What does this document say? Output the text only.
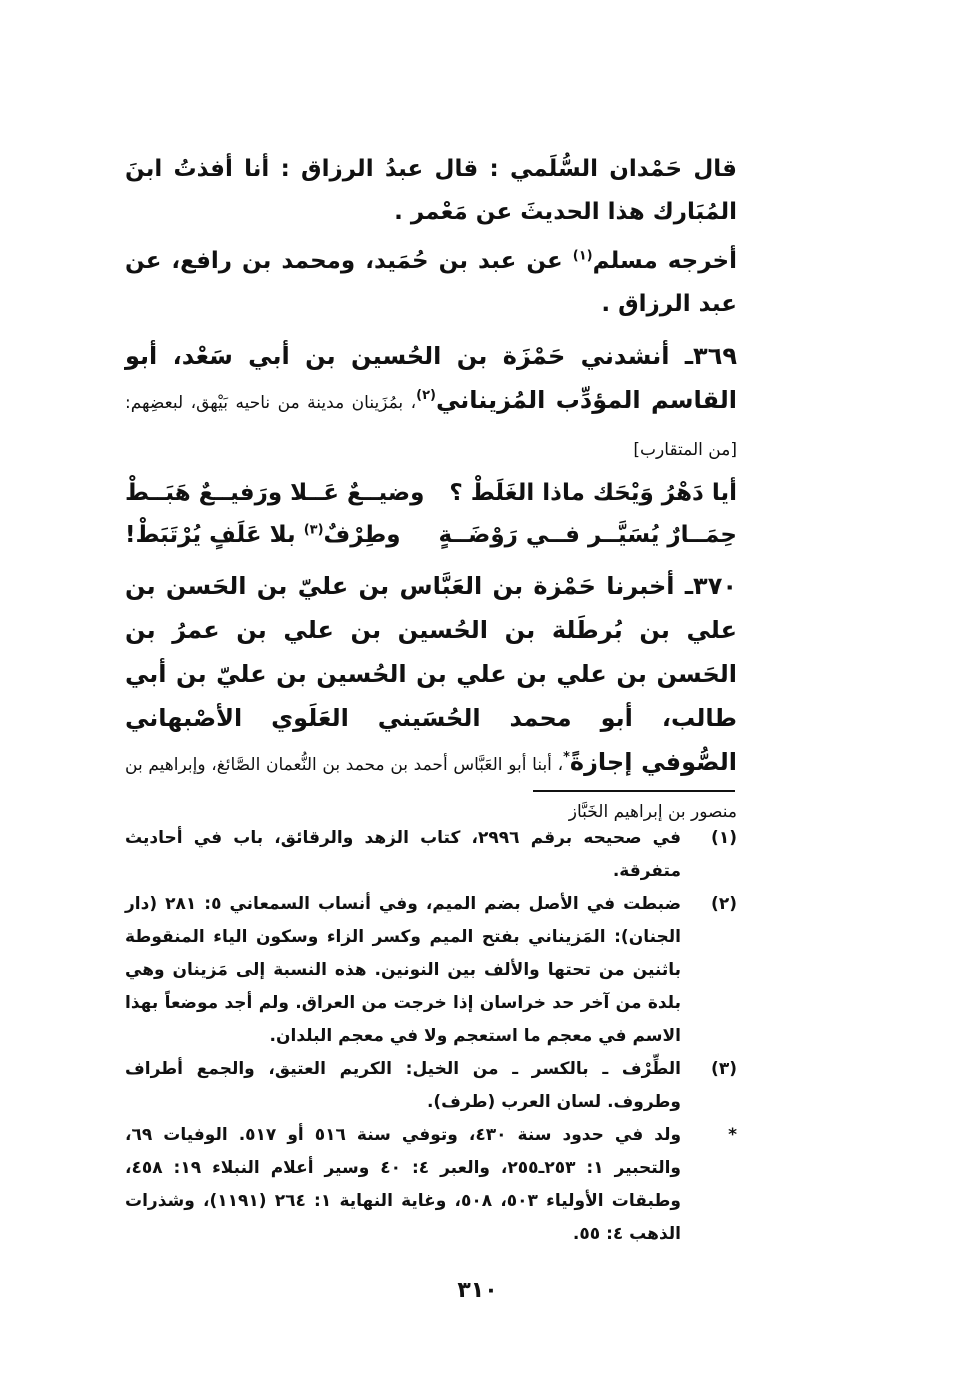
قال حَمْدان السُّلَمي : قال عبدُ الرزاق : أنا أفذتُ ابنَ المُبَارك هذا الحديثَ عن مَعْمر .

أخرجه مسلم$^{(١)}$ عن عبد بن حُمَيد، ومحمد بن رافع، عن عبد الرزاق .

٣٦٩ـ أنشدني حَمْزَة بن الحُسين بن أبي سَعْد، أبو القاسم المؤدِّب المُزيناني$^{(٢)}$، بمُزَينان مدينة من ناحيه بَيْهق، لبعضِهم: [من المتقارب]

أيا دَهْرُ وَيْحَك ماذا الغَلَطْ ؟
وضيــعٌ عَــلا ورَفيــعٌ هَبَــطْ
حِمَــارٌ يُسَيَّــر فــي رَوْضَــةٍ
وطِرْفٌ$^{(٣)}$ بلا عَلَفٍ يُرْتَبَطْ!

٣٧٠ـ أخبرنا حَمْزة بن العَبَّاس بن عليّ بن الحَسن بن علي بن بُرطَلة بن الحُسين بن علي بن عمرُ بن الحَسن بن علي بن علي بن الحُسين بن عليّ بن أبي طالب، أبو محمد الحُسَيني العَلَوي الأصْبهاني الصُّوفي إجازةً*، أبنا أبو العَبَّاس أحمد بن محمد بن النُّعمان الصَّائغ، وإبراهيم بن منصور بن إبراهيم الخَبَّاز

(١)
في صحيحه برقم ٢٩٩٦، كتاب الزهد والرقائق، باب في أحاديث متفرقة.
(٢)
ضبطت في الأصل بضم الميم، وفي أنساب السمعاني ٥: ٢٨١ (دار الجنان): المَزيناني بفتح الميم وكسر الزاء وسكون الياء المنقوطة باثنين من تحتها والألف بين النونين. هذه النسبة إلى مَزينان وهي بلدة من آخر حد خراسان إذا خرجت من العراق. ولم أجد موضعاً بهذا الاسم في معجم ما استعجم ولا في معجم البلدان.
(٣)
الطِّرْف ـ بالكسر ـ من الخيل: الكريم العتيق، والجمع أطراف وطروف. لسان العرب (طرف).
*
ولد في حدود سنة ٤٣٠، وتوفي سنة ٥١٦ أو ٥١٧. الوفيات ٦٩، والتحبير ١: ٢٥٣ـ٢٥٥، والعبر ٤: ٤٠ وسير أعلام النبلاء ١٩: ٤٥٨، وطبقات الأولياء ٥٠٣، ٥٠٨، وغاية النهاية ١: ٢٦٤ (١١٩١)، وشذرات الذهب ٤: ٥٥.
٣١٠
